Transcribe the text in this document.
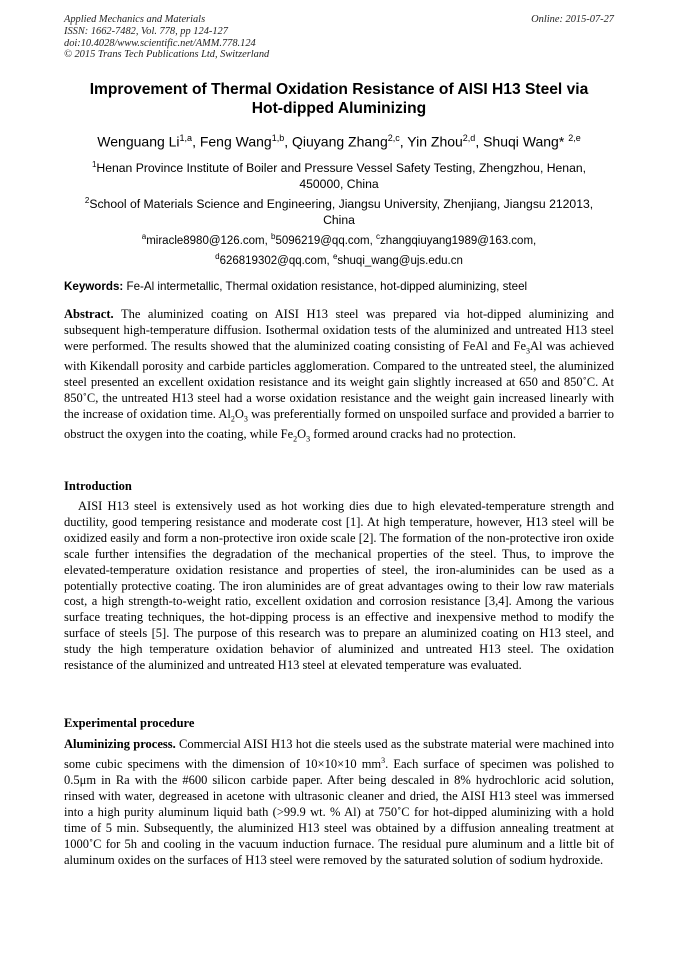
Applied Mechanics and Materials
ISSN: 1662-7482, Vol. 778, pp 124-127
doi:10.4028/www.scientific.net/AMM.778.124
© 2015 Trans Tech Publications Ltd, Switzerland
Online: 2015-07-27
Improvement of Thermal Oxidation Resistance of AISI H13 Steel via
Hot-dipped Aluminizing
Wenguang Li$^{1,a}$, Feng Wang$^{1,b}$, Qiuyang Zhang$^{2,c}$, Yin Zhou$^{2,d}$, Shuqi Wang* $^{2,e}$
$^1$Henan Province Institute of Boiler and Pressure Vessel Safety Testing, Zhengzhou, Henan,
450000, China
$^2$School of Materials Science and Engineering, Jiangsu University, Zhenjiang, Jiangsu 212013,
China
$^a$miracle8980@126.com, $^b$5096219@qq.com, $^c$zhangqiuyang1989@163.com,
$^d$626819302@qq.com, $^e$shuqi_wang@ujs.edu.cn
Keywords: Fe-Al intermetallic, Thermal oxidation resistance, hot-dipped aluminizing, steel
Abstract. The aluminized coating on AISI H13 steel was prepared via hot-dipped aluminizing and subsequent high-temperature diffusion. Isothermal oxidation tests of the aluminized and untreated H13 steel were performed. The results showed that the aluminized coating consisting of FeAl and $Fe_3Al$ was achieved with Kikendall porosity and carbide particles agglomeration. Compared to the untreated steel, the aluminized steel presented an excellent oxidation resistance and its weight gain slightly increased at 650 and 850˚C. At 850˚C, the untreated H13 steel had a worse oxidation resistance and the weight gain increased linearly with the increase of oxidation time. $Al_2O_3$ was preferentially formed on unspoiled surface and provided a barrier to obstruct the oxygen into the coating, while $Fe_2O_3$ formed around cracks had no protection.
Introduction
AISI H13 steel is extensively used as hot working dies due to high elevated-temperature strength and ductility, good tempering resistance and moderate cost [1]. At high temperature, however, H13 steel will be oxidized easily and form a non-protective iron oxide scale [2]. The formation of the non-protective iron oxide scale further intensifies the degradation of the mechanical properties of the steel. Thus, to improve the elevated-temperature oxidation resistance and properties of steel, the iron-aluminides can be used as a potentially protective coating. The iron aluminides are of great advantages owing to their low raw materials cost, a high strength-to-weight ratio, excellent oxidation and corrosion resistance [3,4]. Among the various surface treating techniques, the hot-dipping process is an effective and inexpensive method to modify the surface of steels [5]. The purpose of this research was to prepare an aluminized coating on H13 steel, and study the high temperature oxidation behavior of aluminized and untreated H13 steel. The oxidation resistance of the aluminized and untreated H13 steel at elevated temperature was evaluated.
Experimental procedure
Aluminizing process. Commercial AISI H13 hot die steels used as the substrate material were machined into some cubic specimens with the dimension of 10×10×10 $mm^3$. Each surface of specimen was polished to 0.5μm in Ra with the #600 silicon carbide paper. After being descaled in 8% hydrochloric acid solution, rinsed with water, degreased in acetone with ultrasonic cleaner and dried, the AISI H13 steel was immersed into a high purity aluminum liquid bath (>99.9 wt. % Al) at 750˚C for hot-dipped aluminizing with a hold time of 5 min. Subsequently, the aluminized H13 steel was obtained by a diffusion annealing treatment at 1000˚C for 5h and cooling in the vacuum induction furnace. The residual pure aluminum and a little bit of aluminum oxides on the surfaces of H13 steel were removed by the saturated solution of sodium hydroxide.
